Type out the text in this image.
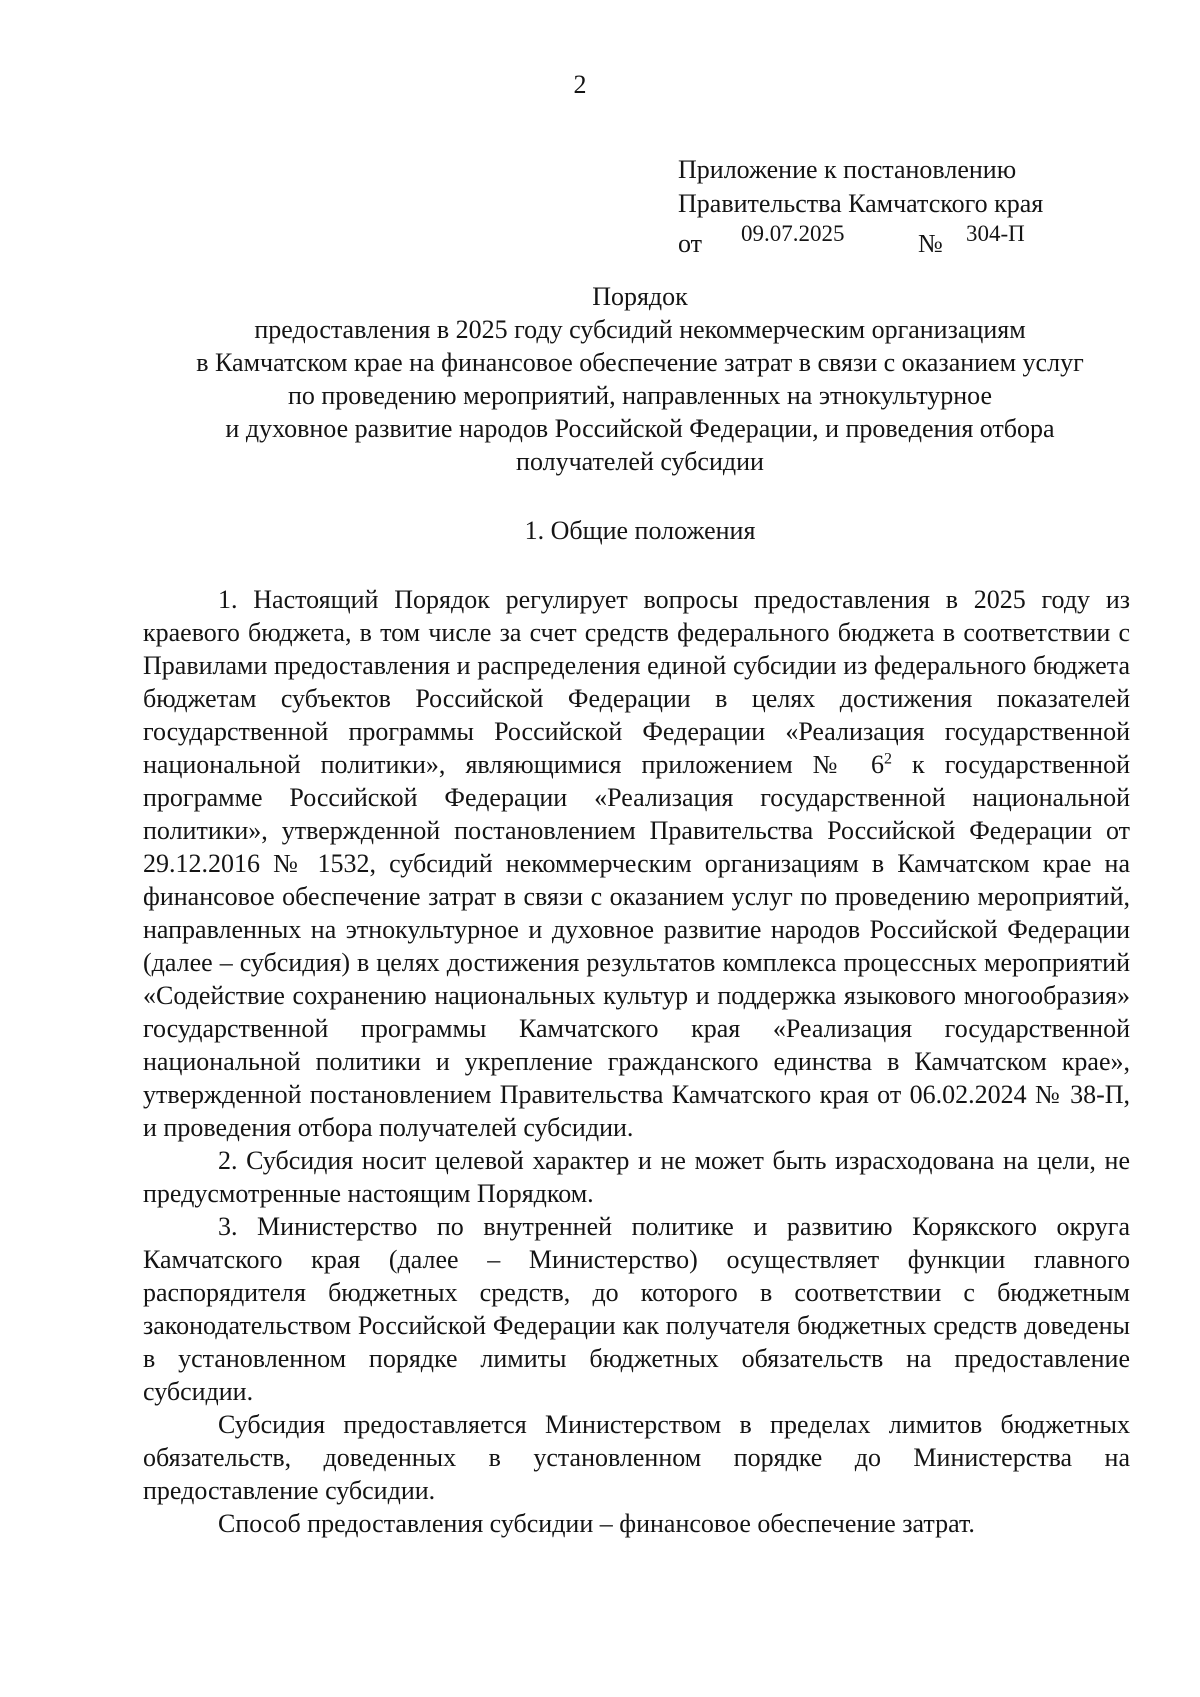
2
Приложение к постановлению
Правительства Камчатского края
от 09.07.2025	№ 304-П
Порядок
предоставления в 2025 году субсидий некоммерческим организациям
в Камчатском крае на финансовое обеспечение затрат в связи с оказанием услуг
по проведению мероприятий, направленных на этнокультурное
и духовное развитие народов Российской Федерации, и проведения отбора
получателей субсидии
1. Общие положения

1. Настоящий Порядок регулирует вопросы предоставления в 2025 году из краевого бюджета, в том числе за счет средств федерального бюджета в соответствии с Правилами предоставления и распределения единой субсидии из федерального бюджета бюджетам субъектов Российской Федерации в целях достижения показателей государственной программы Российской Федерации «Реализация государственной национальной политики», являющимися приложением № $6^2$ к государственной программе Российской Федерации «Реализация государственной национальной политики», утвержденной постановлением Правительства Российской Федерации от 29.12.2016 № 1532, субсидий некоммерческим организациям в Камчатском крае на финансовое обеспечение затрат в связи с оказанием услуг по проведению мероприятий, направленных на этнокультурное и духовное развитие народов Российской Федерации (далее – субсидия) в целях достижения результатов комплекса процессных мероприятий «Содействие сохранению национальных культур и поддержка языкового многообразия» государственной программы Камчатского края «Реализация государственной национальной политики и укрепление гражданского единства в Камчатском крае», утвержденной постановлением Правительства Камчатского края от 06.02.2024 № 38-П, и проведения отбора получателей субсидии.

2. Субсидия носит целевой характер и не может быть израсходована на цели, не предусмотренные настоящим Порядком.

3. Министерство по внутренней политике и развитию Корякского округа Камчатского края (далее – Министерство) осуществляет функции главного распорядителя бюджетных средств, до которого в соответствии с бюджетным законодательством Российской Федерации как получателя бюджетных средств доведены в установленном порядке лимиты бюджетных обязательств на предоставление субсидии.

Субсидия предоставляется Министерством в пределах лимитов бюджетных обязательств, доведенных в установленном порядке до Министерства на предоставление субсидии.

Способ предоставления субсидии – финансовое обеспечение затрат.
